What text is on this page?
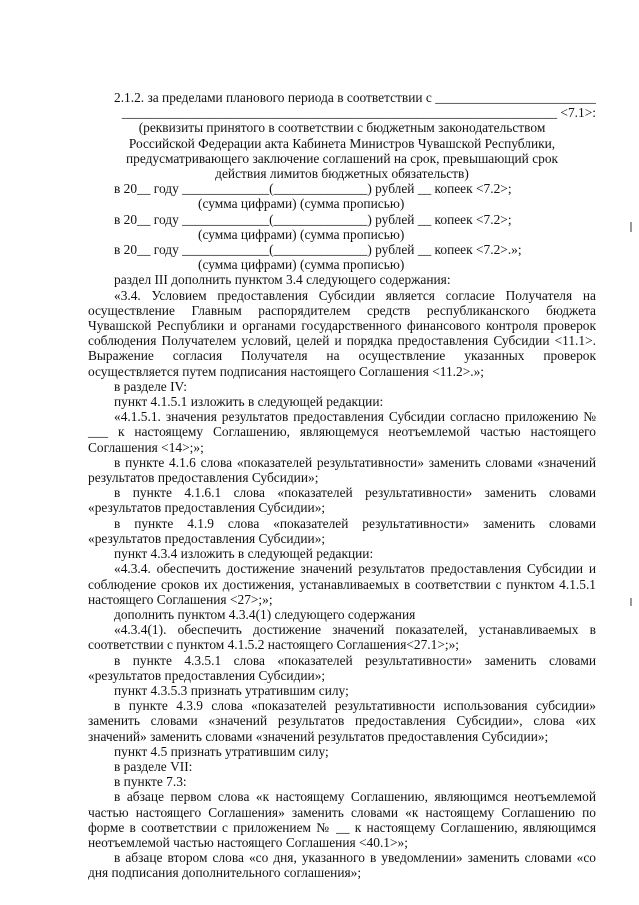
2.1.2. за пределами планового периода в соответствии с ________________________
_________________________________________________________________ <7.1>:
(реквизиты принятого в соответствии с бюджетным законодательством
Российской Федерации акта Кабинета Министров Чувашской Республики,
предусматривающего заключение соглашений на срок, превышающий срок
действия лимитов бюджетных обязательств)
в 20__ году _____________(______________) рублей __ копеек <7.2>;
(сумма цифрами) (сумма прописью)
в 20__ году _____________(______________) рублей __ копеек <7.2>;
(сумма цифрами) (сумма прописью)
в 20__ году _____________(______________) рублей __ копеек <7.2>.»;
(сумма цифрами) (сумма прописью)
раздел III дополнить пунктом 3.4 следующего содержания:
«3.4. Условием предоставления Субсидии является согласие Получателя на осуществление Главным распорядителем средств республиканского бюджета Чувашской Республики и органами государственного финансового контроля проверок соблюдения Получателем условий, целей и порядка предоставления Субсидии <11.1>. Выражение согласия Получателя на осуществление указанных проверок осуществляется путем подписания настоящего Соглашения <11.2>.»;
в разделе IV:
пункт 4.1.5.1 изложить в следующей редакции:
«4.1.5.1. значения результатов предоставления Субсидии согласно приложению № ___ к настоящему Соглашению, являющемуся неотъемлемой частью настоящего Соглашения <14>;»;
в пункте 4.1.6 слова «показателей результативности» заменить словами «значений результатов предоставления Субсидии»;
в пункте 4.1.6.1 слова «показателей результативности» заменить словами «результатов предоставления Субсидии»;
в пункте 4.1.9 слова «показателей результативности» заменить словами «результатов предоставления Субсидии»;
пункт 4.3.4 изложить в следующей редакции:
«4.3.4. обеспечить достижение значений результатов предоставления Субсидии и соблюдение сроков их достижения, устанавливаемых в соответствии с пунктом 4.1.5.1 настоящего Соглашения <27>;»;
дополнить пунктом 4.3.4(1) следующего содержания
«4.3.4(1). обеспечить достижение значений показателей, устанавливаемых в соответствии с пунктом 4.1.5.2 настоящего Соглашения<27.1>;»;
в пункте 4.3.5.1 слова «показателей результативности» заменить словами «результатов предоставления Субсидии»;
пункт 4.3.5.3 признать утратившим силу;
в пункте 4.3.9 слова «показателей результативности использования субсидии» заменить словами «значений результатов предоставления Субсидии», слова «их значений» заменить словами «значений результатов предоставления Субсидии»;
пункт 4.5 признать утратившим силу;
в разделе VII:
в пункте 7.3:
в абзаце первом слова «к настоящему Соглашению, являющимся неотъемлемой частью настоящего Соглашения» заменить словами «к настоящему Соглашению по форме в соответствии с приложением № __ к настоящему Соглашению, являющимся неотъемлемой частью настоящего Соглашения <40.1>»;
в абзаце втором слова «со дня, указанного в уведомлении» заменить словами «со дня подписания дополнительного соглашения»;
